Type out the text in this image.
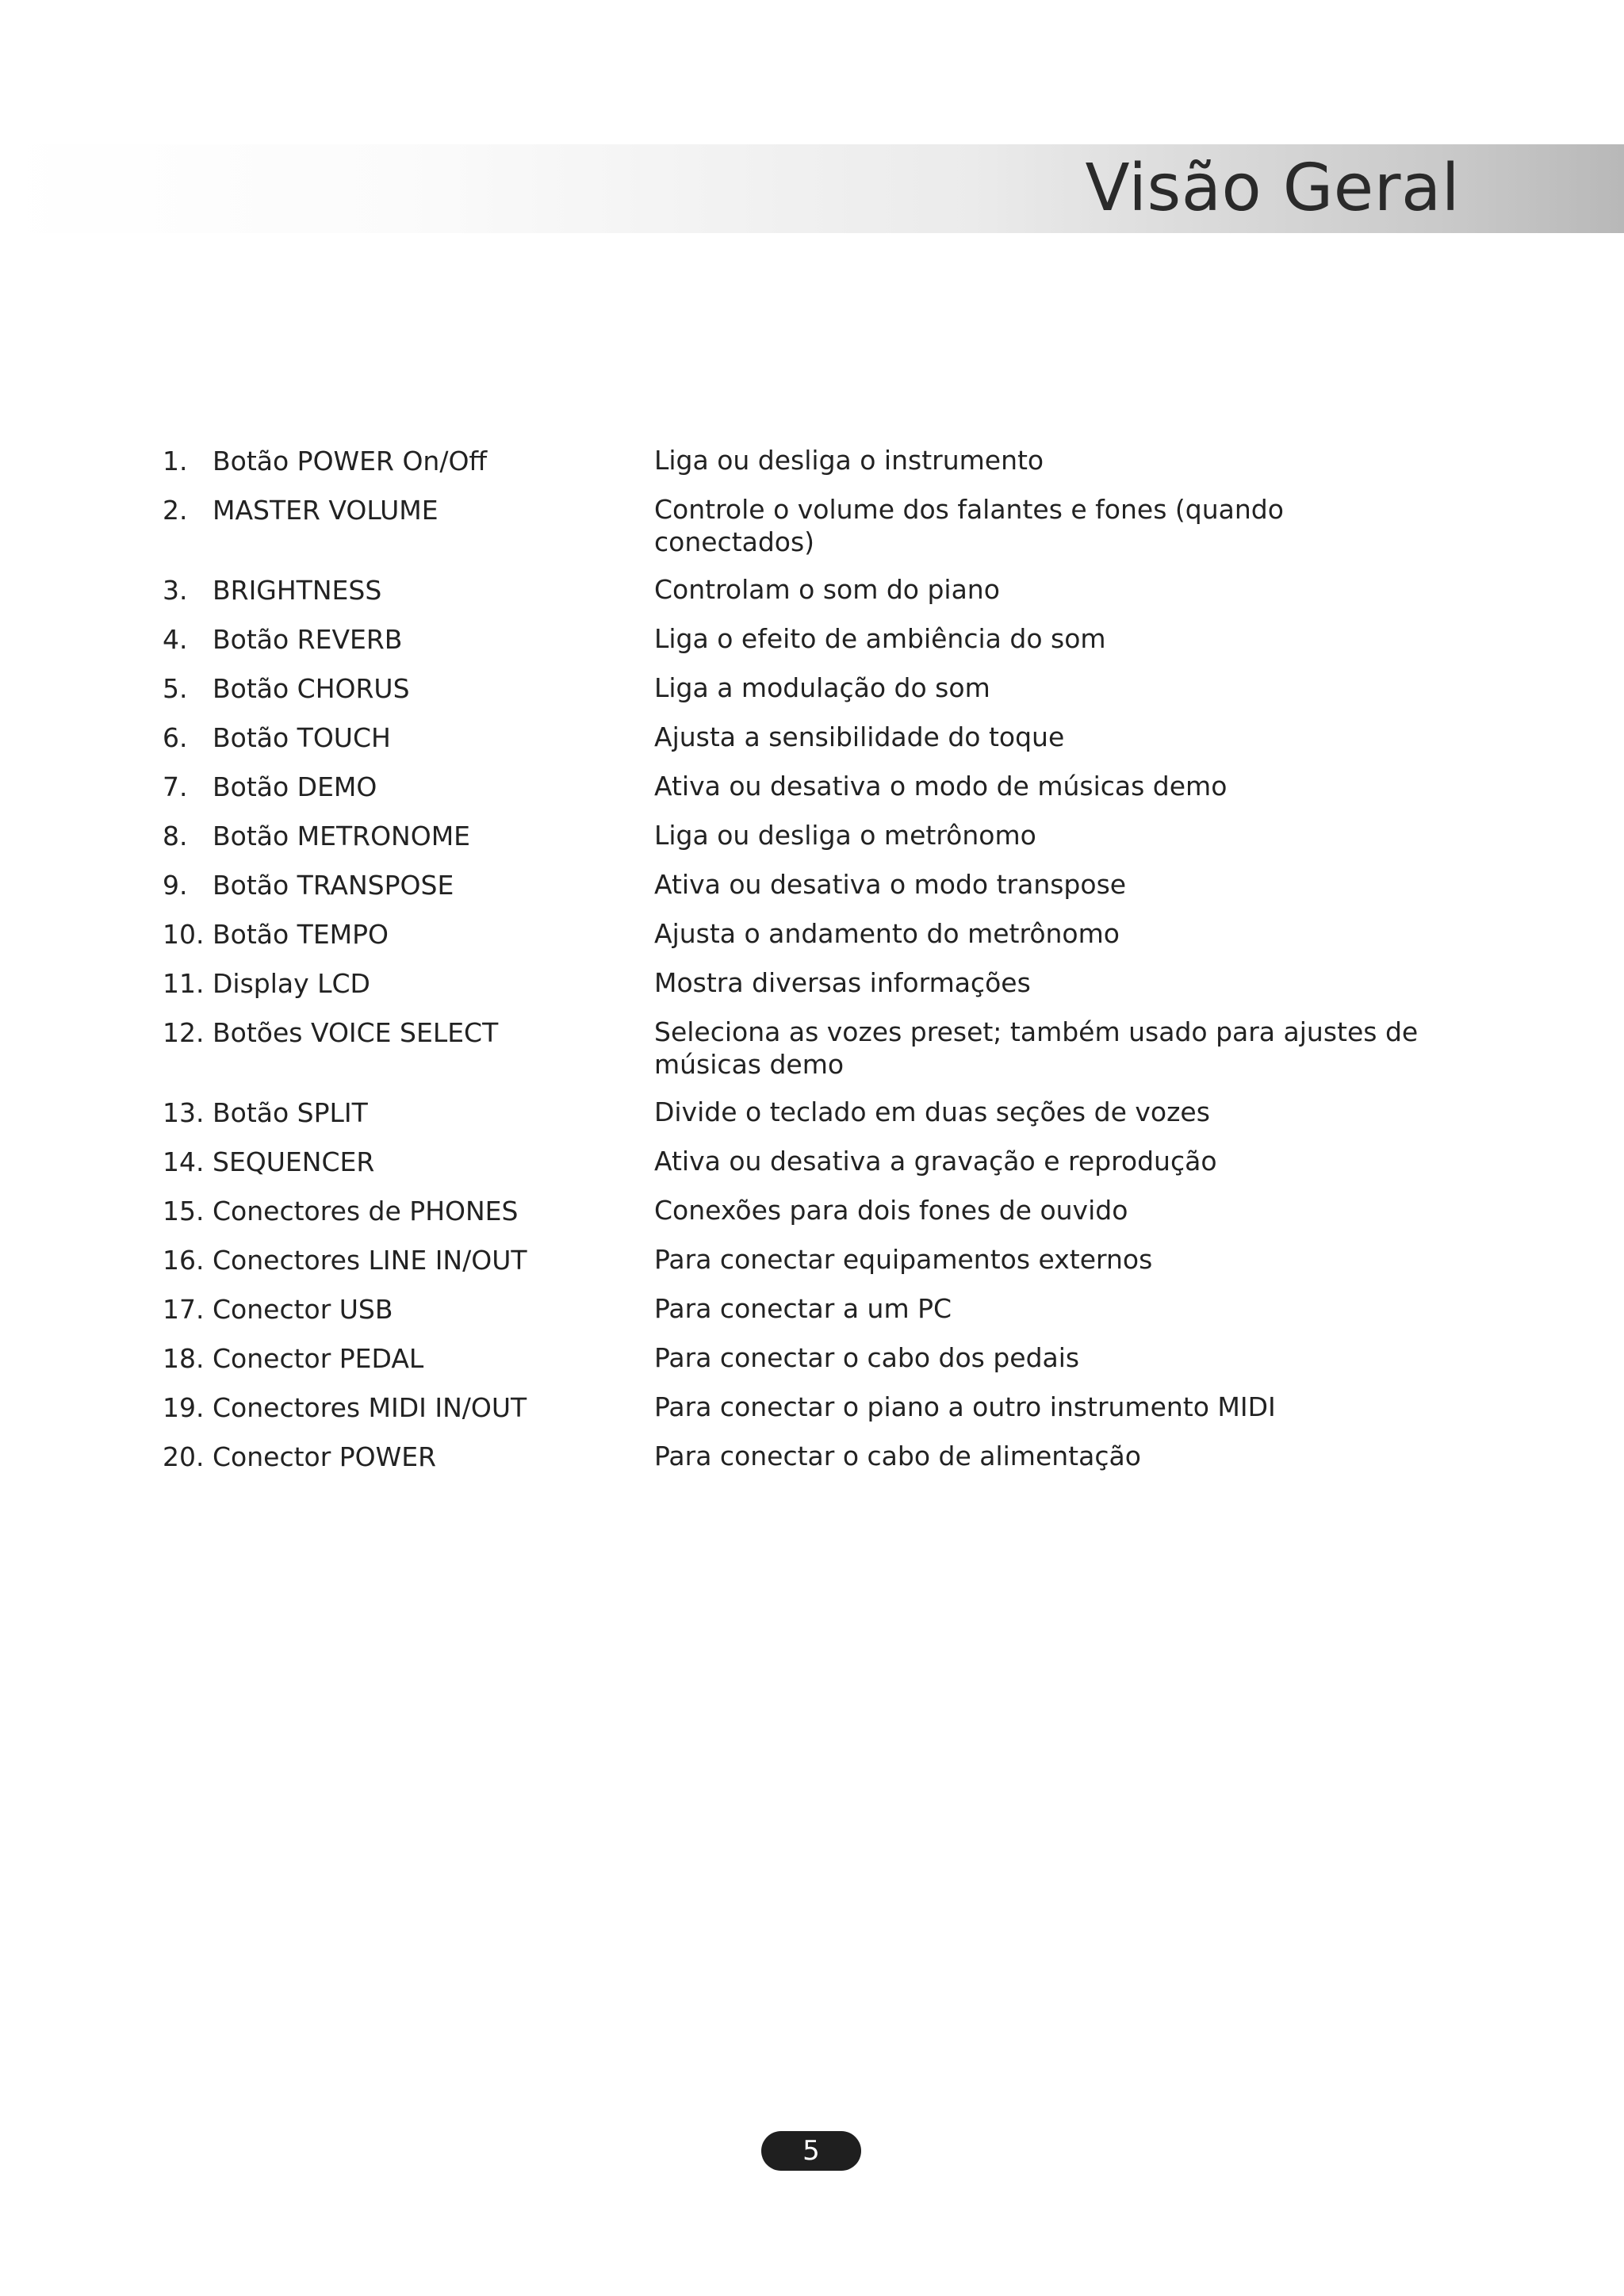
Visão Geral
1. Botão POWER On/Off	Liga ou desliga o instrumento
2. MASTER VOLUME	Controle o volume dos falantes e fones (quando conectados)
3. BRIGHTNESS	Controlam o som do piano
4. Botão REVERB	Liga o efeito de ambiência do som
5. Botão CHORUS	Liga a modulação do som
6. Botão TOUCH	Ajusta a sensibilidade do toque
7. Botão DEMO	Ativa ou desativa o modo de músicas demo
8. Botão METRONOME	Liga ou desliga o metrônomo
9. Botão TRANSPOSE	Ativa ou desativa o modo transpose
10. Botão TEMPO	Ajusta o andamento do metrônomo
11. Display LCD	Mostra diversas informações
12. Botões VOICE SELECT	Seleciona as vozes preset; também usado para ajustes de músicas demo
13. Botão SPLIT	Divide o teclado em duas seções de vozes
14. SEQUENCER	Ativa ou desativa a gravação e reprodução
15. Conectores de PHONES	Conexões para dois fones de ouvido
16. Conectores LINE IN/OUT	Para conectar equipamentos externos
17. Conector USB	Para conectar a um PC
18. Conector PEDAL	Para conectar o cabo dos pedais
19. Conectores MIDI IN/OUT	Para conectar o piano a outro instrumento MIDI
20. Conector POWER	Para conectar o cabo de alimentação
5
